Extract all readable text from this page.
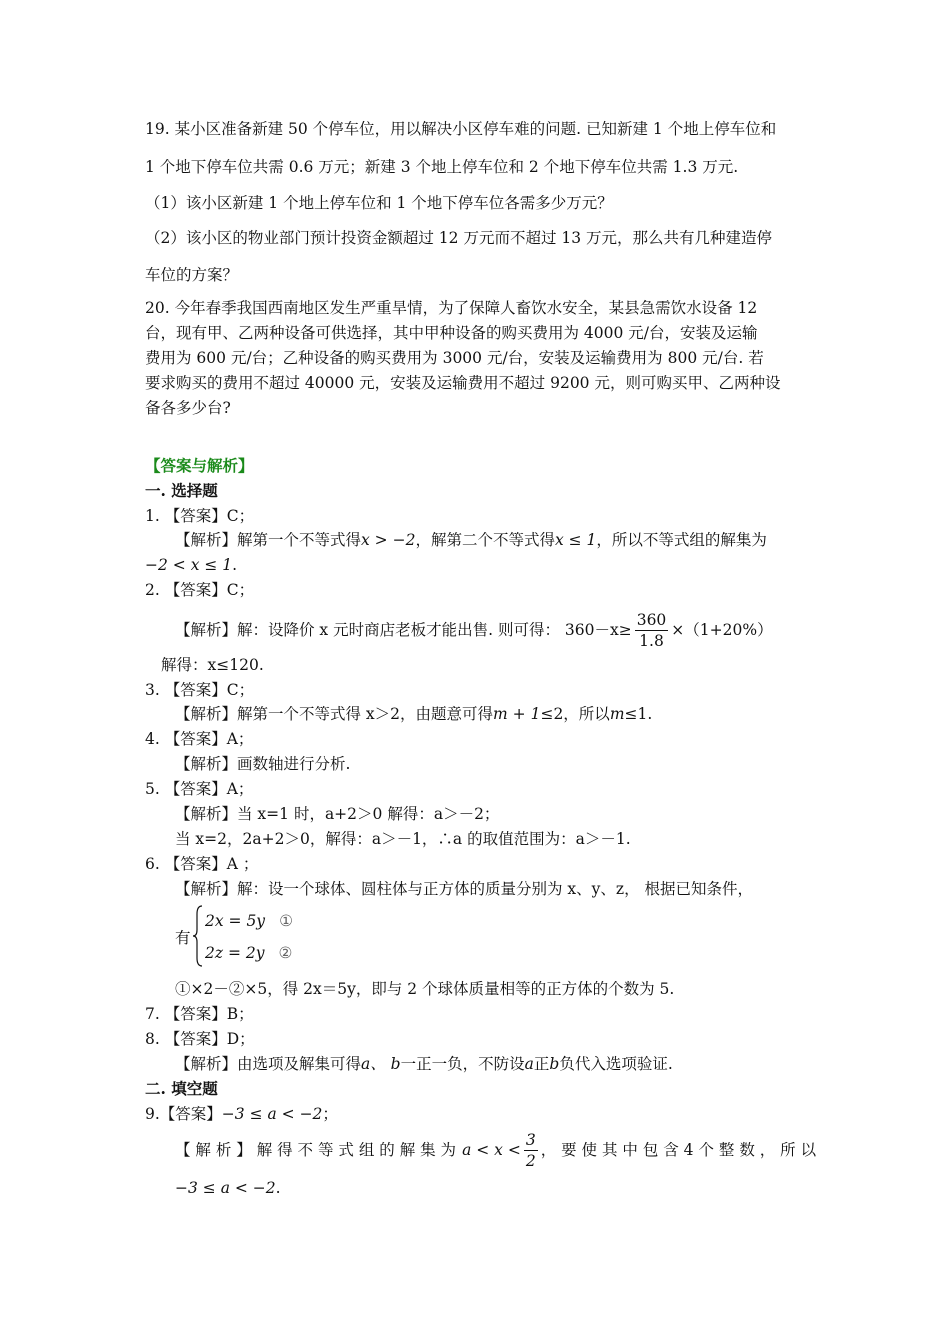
19. 某小区准备新建 50 个停车位，用以解决小区停车难的问题. 已知新建 1 个地上停车位和
1 个地下停车位共需 0.6 万元；新建 3 个地上停车位和 2 个地下停车位共需 1.3 万元.
（1）该小区新建 1 个地上停车位和 1 个地下停车位各需多少万元？
（2）该小区的物业部门预计投资金额超过 12 万元而不超过 13 万元，那么共有几种建造停
车位的方案？
20. 今年春季我国西南地区发生严重旱情，为了保障人畜饮水安全，某县急需饮水设备 12
台，现有甲、乙两种设备可供选择，其中甲种设备的购买费用为 4000 元/台，安装及运输
费用为 600 元/台；乙种设备的购买费用为 3000 元/台，安装及运输费用为 800 元/台. 若
要求购买的费用不超过 40000 元，安装及运输费用不超过 9200 元，则可购买甲、乙两种设
备各多少台?
【答案与解析】
一. 选择题
1. 【答案】C；
【解析】解第一个不等式得x > −2，解第二个不等式得x ≤ 1，所以不等式组的解集为
−2 < x ≤ 1.
2. 【答案】C；
【解析】解：设降价 x 元时商店老板才能出售. 则可得： $360-x\ge \frac{360}{1.8} \times(1+20\%)$
解得：x≤120.
3. 【答案】C；
【解析】解第一个不等式得 x＞2，由题意可得m + 1≤2，所以m≤1.
4. 【答案】A；
【解析】画数轴进行分析.
5. 【答案】A；
【解析】当 x=1 时，a+2＞0 解得：a＞－2；
当 x=2，2a+2＞0，解得：a＞－1，∴a 的取值范围为：a＞－1.
6. 【答案】A ；
【解析】解：设一个球体、圆柱体与正方体的质量分别为 x、y、z， 根据已知条件，
有
2x = 5y ①
2z = 2y ②
①×2－②×5，得 2x＝5y，即与 2 个球体质量相等的正方体的个数为 5.
7. 【答案】B；
8. 【答案】D；
【解析】由选项及解集可得a、 b一正一负，不防设a正b负代入选项验证.
二. 填空题
9.【答案】−3 ≤ a < −2；
【 解 析 】 解 得 不 等 式 组 的 解 集 为 $a < x < \frac{3}{2}$ ， 要 使 其 中 包 含 4 个 整 数 ， 所 以
−3 ≤ a < −2.
